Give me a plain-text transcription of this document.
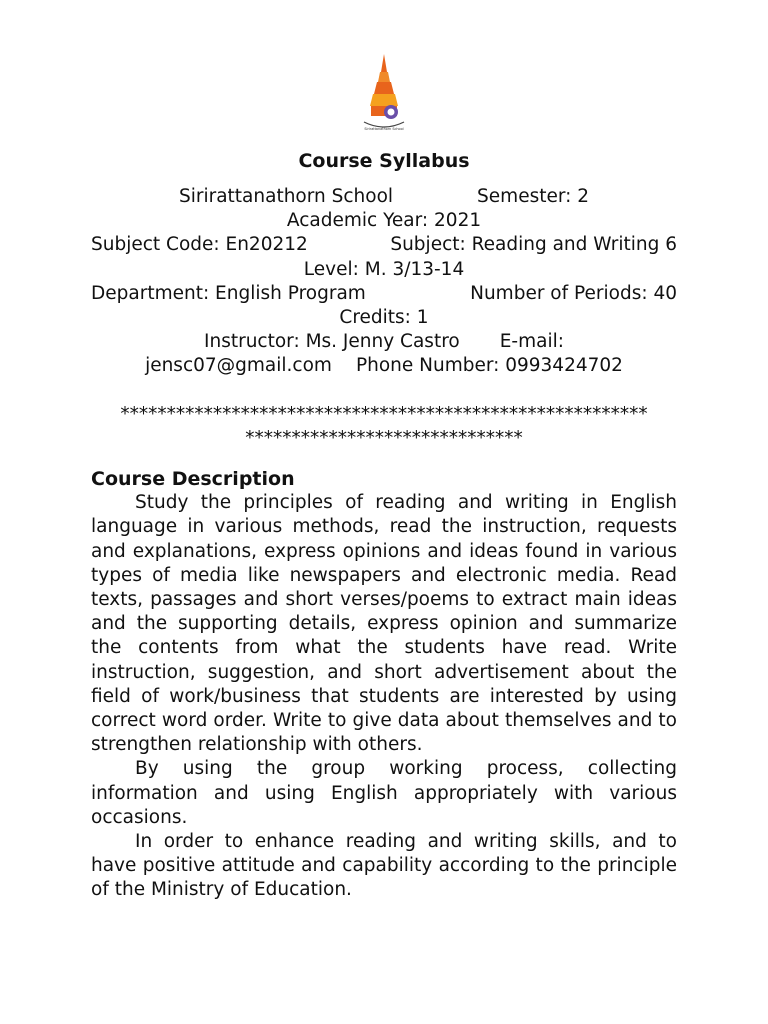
Sirirattanathorn School
Course Syllabus
Sirirattanathorn School	Semester: 2
Academic Year: 2021
Subject Code: En20212	Subject: Reading and Writing 6
Level: M. 3/13-14
Department: English Program	Number of Periods: 40
Credits: 1
Instructor: Ms. Jenny Castro E-mail:
jensc07@gmail.com Phone Number: 0993424702
*********************************************************
******************************
Course Description

Study the principles of reading and writing in English language in various methods, read the instruction, requests and explanations, express opinions and ideas found in various types of media like newspapers and electronic media. Read texts, passages and short verses/poems to extract main ideas and the supporting details, express opinion and summarize the contents from what the students have read. Write instruction, suggestion, and short advertisement about the field of work/business that students are interested by using correct word order. Write to give data about themselves and to strengthen relationship with others.

By using the group working process, collecting information and using English appropriately with various occasions.

In order to enhance reading and writing skills, and to have positive attitude and capability according to the principle of the Ministry of Education.
